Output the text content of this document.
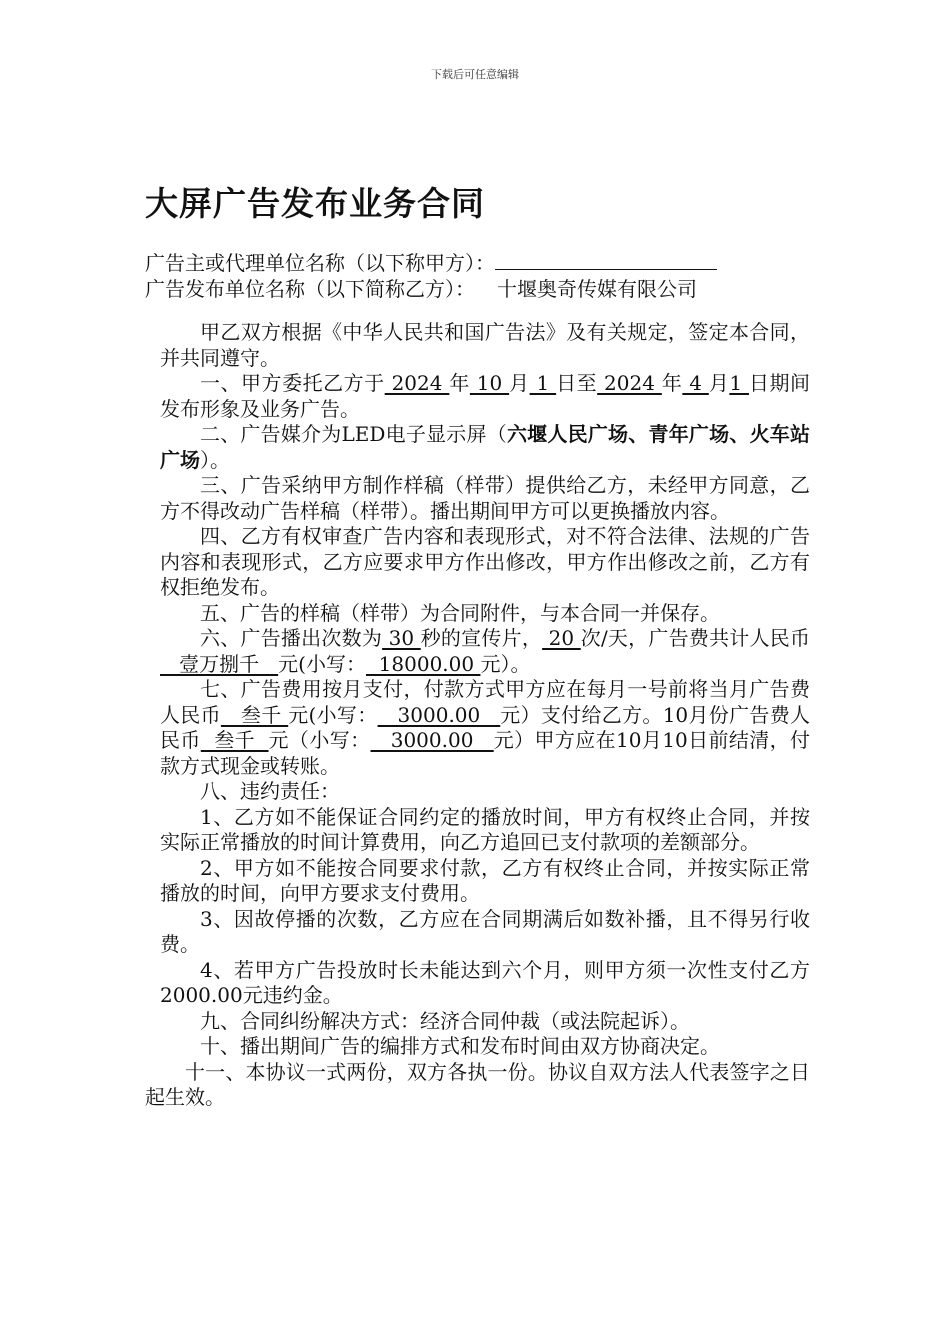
下载后可任意编辑
大屏广告发布业务合同
广告主或代理单位名称（以下称甲方）：
广告发布单位名称（以下简称乙方）： 十堰奥奇传媒有限公司

甲乙双方根据《中华人民共和国广告法》及有关规定，签定本合同，并共同遵守。

一、甲方委托乙方于 2024 年 10 月 1 日至 2024 年 4 月1 日期间发布形象及业务广告。

二、广告媒介为LED电子显示屏（六堰人民广场、青年广场、火车站广场）。

三、广告采纳甲方制作样稿（样带）提供给乙方，未经甲方同意，乙方不得改动广告样稿（样带）。播出期间甲方可以更换播放内容。

四、乙方有权审查广告内容和表现形式，对不符合法律、法规的广告内容和表现形式，乙方应要求甲方作出修改，甲方作出修改之前，乙方有权拒绝发布。

五、广告的样稿（样带）为合同附件，与本合同一并保存。

六、广告播出次数为 30 秒的宣传片， 20 次/天，广告费共计人民币   壹万捌千   元(小写：  18000.00 元）。

七、广告费用按月支付，付款方式甲方应在每月一号前将当月广告费人民币   叁千 元(小写：   3000.00   元）支付给乙方。10月份广告费人民币  叁千  元（小写：   3000.00   元）甲方应在10月10日前结清，付款方式现金或转账。

八、违约责任：

1、乙方如不能保证合同约定的播放时间，甲方有权终止合同，并按实际正常播放的时间计算费用，向乙方追回已支付款项的差额部分。

2、甲方如不能按合同要求付款，乙方有权终止合同，并按实际正常播放的时间，向甲方要求支付费用。

3、因故停播的次数，乙方应在合同期满后如数补播，且不得另行收费。

4、若甲方广告投放时长未能达到六个月，则甲方须一次性支付乙方2000.00元违约金。

九、合同纠纷解决方式：经济合同仲裁（或法院起诉）。

十、播出期间广告的编排方式和发布时间由双方协商决定。

十一、本协议一式两份，双方各执一份。协议自双方法人代表签字之日起生效。
